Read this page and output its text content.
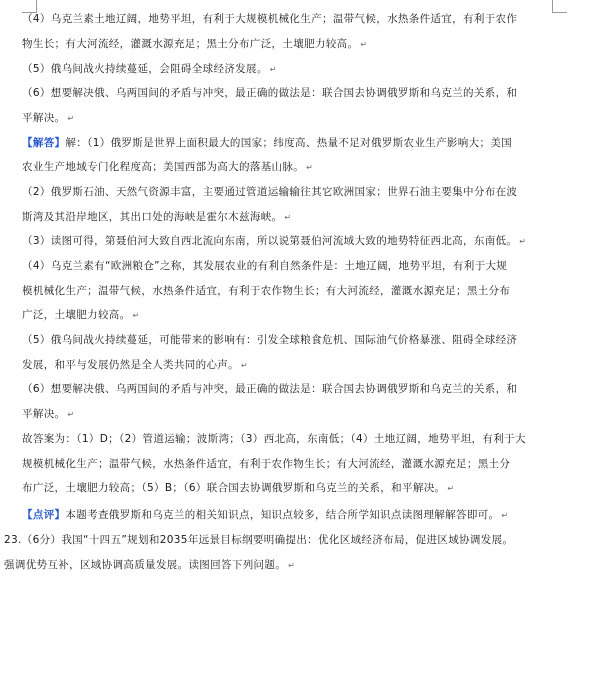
（4）乌克兰素土地辽阔，地势平坦，有利于大规模机械化生产；温带气候，水热条件适宜，有利于农作
物生长；有大河流经，灌溉水源充足；黑土分布广泛，土壤肥力较高。 ↵
（5）俄乌间战火持续蔓延，会阻碍全球经济发展。 ↵
（6）想要解决俄、乌两国间的矛盾与冲突，最正确的做法是：联合国去协调俄罗斯和乌克兰的关系，和
平解决。 ↵
【解答】解：（1）俄罗斯是世界上面积最大的国家；纬度高、热量不足对俄罗斯农业生产影响大；美国
农业生产地域专门化程度高；美国西部为高大的落基山脉。 ↵
（2）俄罗斯石油、天然气资源丰富，主要通过管道运输输往其它欧洲国家；世界石油主要集中分布在波
斯湾及其沿岸地区，其出口处的海峡是霍尔木兹海峡。 ↵
（3）读图可得，第聂伯河大致自西北流向东南，所以说第聂伯河流域大致的地势特征西北高，东南低。 ↵
（4）乌克兰素有“欧洲粮仓”之称，其发展农业的有利自然条件是：土地辽阔，地势平坦，有利于大规
模机械化生产；温带气候，水热条件适宜，有利于农作物生长；有大河流经，灌溉水源充足；黑土分布
广泛，土壤肥力较高。 ↵
（5）俄乌间战火持续蔓延，可能带来的影响有：引发全球粮食危机、国际油气价格暴涨、阻碍全球经济
发展，和平与发展仍然是全人类共同的心声。 ↵
（6）想要解决俄、乌两国间的矛盾与冲突，最正确的做法是：联合国去协调俄罗斯和乌克兰的关系，和
平解决。 ↵
故答案为：（1）D；（2）管道运输；波斯湾；（3）西北高，东南低；（4）土地辽阔，地势平坦，有利于大
规模机械化生产；温带气候，水热条件适宜，有利于农作物生长；有大河流经，灌溉水源充足；黑土分
布广泛，土壤肥力较高；（5）B；（6）联合国去协调俄罗斯和乌克兰的关系，和平解决。 ↵
【点评】本题考查俄罗斯和乌克兰的相关知识点，知识点较多，结合所学知识点读图理解解答即可。 ↵
23.（6分）我国“十四五”规划和2035年远景目标纲要明确提出：优化区域经济布局，促进区域协调发展。
强调优势互补，区域协调高质量发展。读图回答下列问题。 ↵
